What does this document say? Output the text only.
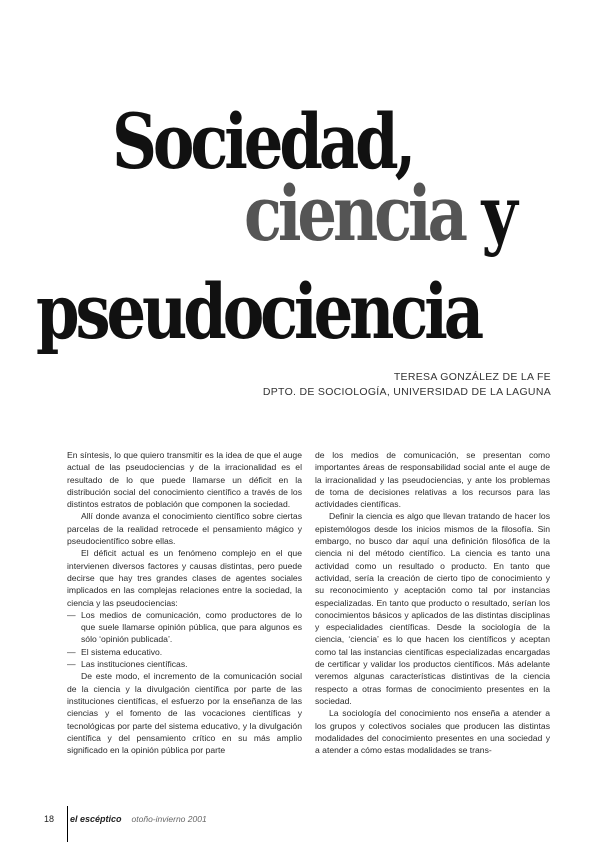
Sociedad,
ciencia y
pseudociencia
TERESA GONZÁLEZ DE LA FE
DPTO. DE SOCIOLOGÍA, UNIVERSIDAD DE LA LAGUNA

En síntesis, lo que quiero transmitir es la idea de que el auge actual de las pseudociencias y de la irracionalidad es el resultado de lo que puede llamarse un déficit en la distribución social del conocimiento científico a través de los distintos estratos de población que componen la sociedad.

Allí donde avanza el conocimiento científico sobre ciertas parcelas de la realidad retrocede el pensamiento mágico y pseudocientífico sobre ellas.

El déficit actual es un fenómeno complejo en el que intervienen diversos factores y causas distintas, pero puede decirse que hay tres grandes clases de agentes sociales implicados en las complejas relaciones entre la sociedad, la ciencia y las pseudociencias:

— Los medios de comunicación, como productores de lo que suele llamarse opinión pública, que para algunos es sólo ‘opinión publicada’.
— El sistema educativo.
— Las instituciones científicas.

De este modo, el incremento de la comunicación social de la ciencia y la divulgación científica por parte de las instituciones científicas, el esfuerzo por la enseñanza de las ciencias y el fomento de las vocaciones científicas y tecnológicas por parte del sistema educativo, y la divulgación científica y del pensamiento crítico en su más amplio significado en la opinión pública por parte

de los medios de comunicación, se presentan como importantes áreas de responsabilidad social ante el auge de la irracionalidad y las pseudociencias, y ante los problemas de toma de decisiones relativas a los recursos para las actividades científicas.

Definir la ciencia es algo que llevan tratando de hacer los epistemólogos desde los inicios mismos de la filosofía. Sin embargo, no busco dar aquí una definición filosófica de la ciencia ni del método científico. La ciencia es tanto una actividad como un resultado o producto. En tanto que actividad, sería la creación de cierto tipo de conocimiento y su reconocimiento y aceptación como tal por instancias especializadas. En tanto que producto o resultado, serían los conocimientos básicos y aplicados de las distintas disciplinas y especialidades científicas. Desde la sociología de la ciencia, ‘ciencia’ es lo que hacen los científicos y aceptan como tal las instancias científicas especializadas encargadas de certificar y validar los productos científicos. Más adelante veremos algunas características distintivas de la ciencia respecto a otras formas de conocimiento presentes en la sociedad.

La sociología del conocimiento nos enseña a atender a los grupos y colectivos sociales que producen las distintas modalidades del conocimiento presentes en una sociedad y a atender a cómo estas modalidades se trans-

18 el escéptico otoño-invierno 2001
